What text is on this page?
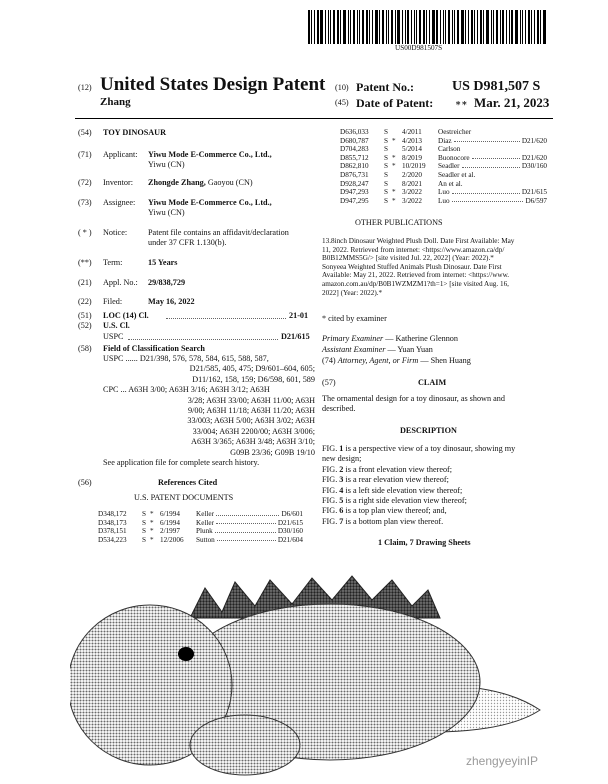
US00D981507S
(12) United States Design Patent
Zhang
(10) Patent No.:	US D981,507 S
(45) Date of Patent: ∗∗ Mar. 21, 2023
(54)	TOY DINOSAUR
(71)	Applicant:	Yiwu Mode E-Commerce Co., Ltd.,
Yiwu (CN)
(72)	Inventor:	Zhongde Zhang, Gaoyou (CN)
(73)	Assignee:	Yiwu Mode E-Commerce Co., Ltd.,
Yiwu (CN)
( * )	Notice:	Patent file contains an affidavit/declaration
under 37 CFR 1.130(b).
(**)	Term:	15 Years
(21)	Appl. No.:	29/838,729
(22)	Filed:	May 16, 2022
(51)	LOC (14) Cl.	21-01
(52)	U.S. Cl.
USPC	D21/615
(58)	Field of Classification Search
USPC ...... D21/398, 576, 578, 584, 615, 588, 587,
D21/585, 405, 475; D9/601–604, 605;
D11/162, 158, 159; D6/598, 601, 589
CPC ... A63H 3/00; A63H 3/16; A63H 3/12; A63H
3/28; A63H 33/00; A63H 11/00; A63H
9/00; A63H 11/18; A63H 11/20; A63H
33/003; A63H 5/00; A63H 3/02; A63H
33/004; A63H 2200/00; A63H 3/006;
A63H 3/365; A63H 3/48; A63H 3/10;
G09B 23/36; G09B 19/10
See application file for complete search history.
(56)	References Cited
U.S. PATENT DOCUMENTS
D348,172	S * 6/1994	Keller	D6/601
D348,173	S * 6/1994	Keller	D21/615
D378,151	S * 2/1997	Plunk	D30/160
D534,223	S * 12/2006	Sutton	D21/604
D636,033	S	4/2011	Oestreicher
D680,787	S * 4/2013	Diaz	D21/620
D704,283	S	5/2014	Carlson
D855,712	S * 8/2019	Buonocore	D21/620
D862,810	S * 10/2019	Seadler	D30/160
D876,731	S	2/2020	Seadler et al.
D928,247	S	8/2021	An et al.
D947,293	S * 3/2022	Luo	D21/615
D947,295	S * 3/2022	Luo	D6/597
OTHER PUBLICATIONS
13.8inch Dinosaur Weighted Plush Doll. Date First Available: May
11, 2022. Retrieved from internet: <https://www.amazon.ca/dp/
B0B12MMS5G/> [site visited Jul. 22, 2022] (Year: 2022).*
Sonyeea Weighted Stuffed Animals Plush Dinosaur. Date First
Available: May 21, 2022. Retrieved from internet: <https://www.
amazon.com.au/dp/B0B1WZMZM1?th=1> [site visited Aug. 16,
2022] (Year: 2022).*
* cited by examiner
Primary Examiner — Katherine Glennon
Assistant Examiner — Yuan Yuan
(74) Attorney, Agent, or Firm — Shen Huang
(57)	CLAIM
The ornamental design for a toy dinosaur, as shown and
described.
DESCRIPTION
FIG. 1 is a perspective view of a toy dinosaur, showing my
new design;
FIG. 2 is a front elevation view thereof;
FIG. 3 is a rear elevation view thereof;
FIG. 4 is a left side elevation view thereof;
FIG. 5 is a right side elevation view thereof;
FIG. 6 is a top plan view thereof; and,
FIG. 7 is a bottom plan view thereof.
1 Claim, 7 Drawing Sheets
zhengyeyinIP
